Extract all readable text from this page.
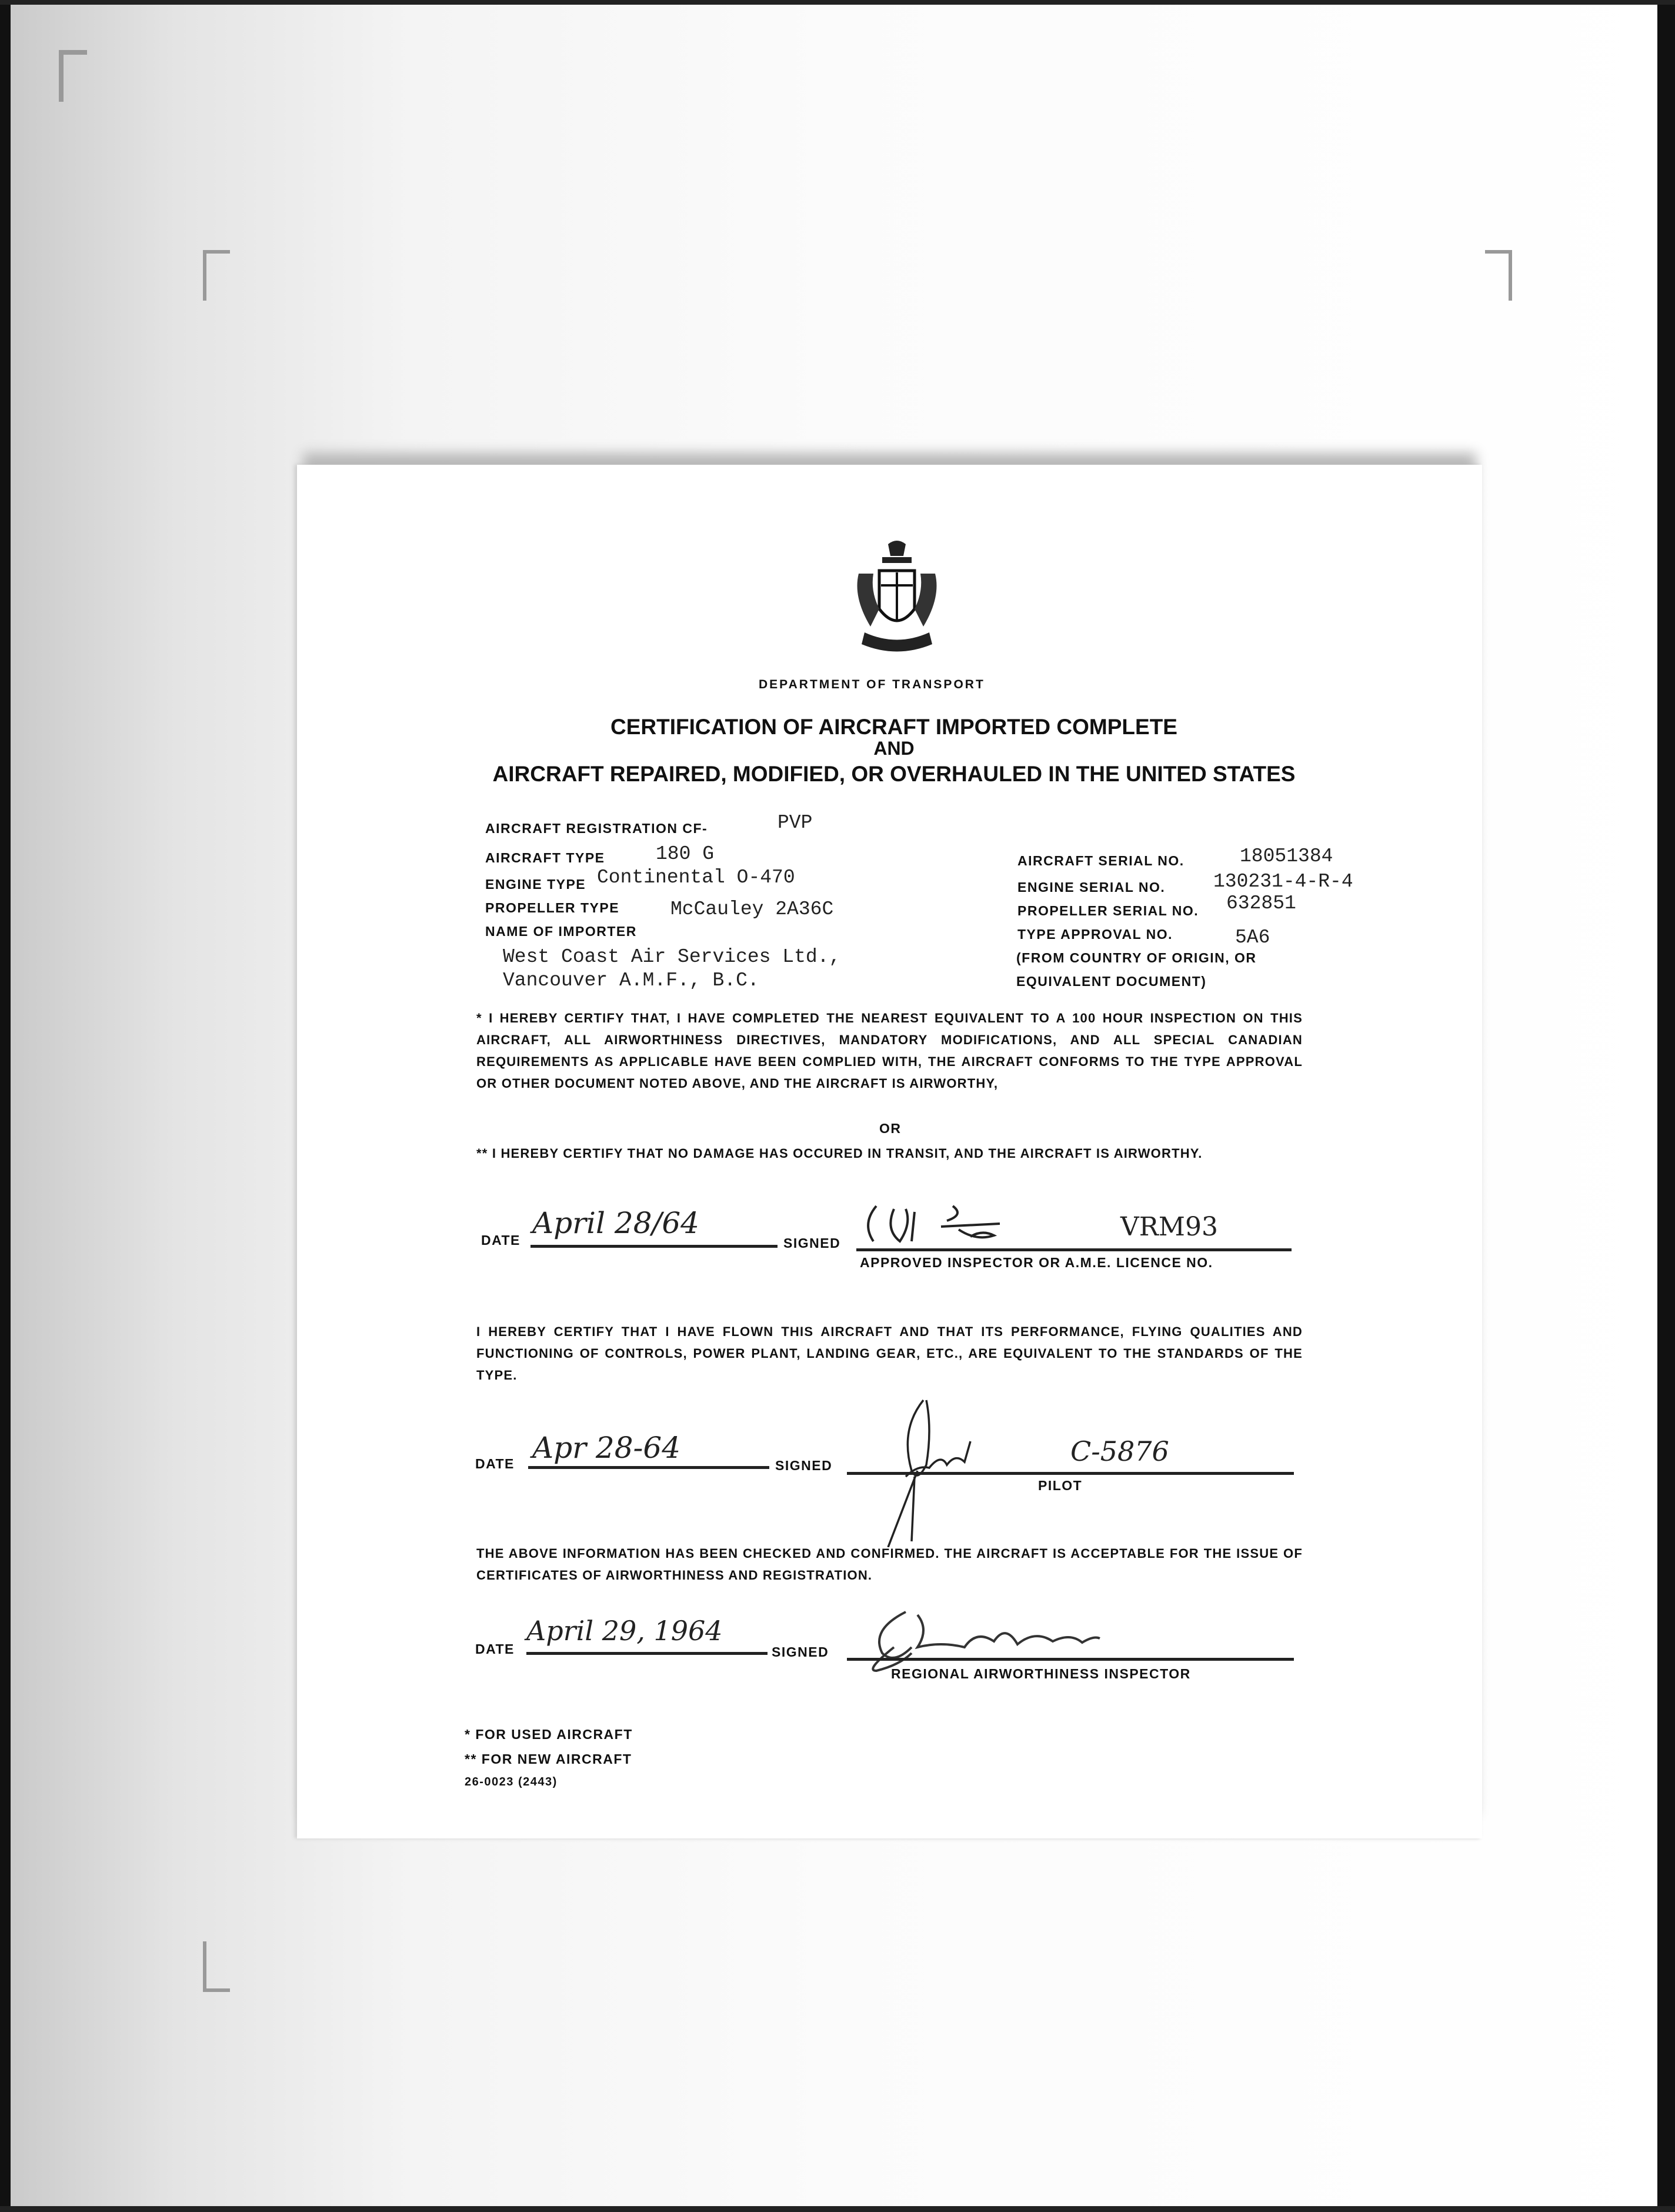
DEPARTMENT OF TRANSPORT
CERTIFICATION OF AIRCRAFT IMPORTED COMPLETE
AND
AIRCRAFT REPAIRED, MODIFIED, OR OVERHAULED IN THE UNITED STATES
AIRCRAFT REGISTRATION CF-	PVP
AIRCRAFT TYPE	180 G
ENGINE TYPE Continental O-470
PROPELLER TYPE	McCauley 2A36C
NAME OF IMPORTER
West Coast Air Services Ltd.,
Vancouver A.M.F., B.C.
AIRCRAFT SERIAL NO.	18051384
ENGINE SERIAL NO. 130231-4-R-4
PROPELLER SERIAL NO. 632851
TYPE APPROVAL NO.	5A6
(FROM COUNTRY OF ORIGIN, OR
EQUIVALENT DOCUMENT)
* I HEREBY CERTIFY THAT, I HAVE COMPLETED THE NEAREST EQUIVALENT TO A 100 HOUR INSPECTION ON THIS AIRCRAFT, ALL AIRWORTHINESS DIRECTIVES, MANDATORY MODIFICATIONS, AND ALL SPECIAL CANADIAN REQUIREMENTS AS APPLICABLE HAVE BEEN COMPLIED WITH, THE AIRCRAFT CONFORMS TO THE TYPE APPROVAL OR OTHER DOCUMENT NOTED ABOVE, AND THE AIRCRAFT IS AIRWORTHY,
OR
** I HEREBY CERTIFY THAT NO DAMAGE HAS OCCURED IN TRANSIT, AND THE AIRCRAFT IS AIRWORTHY.
DATE April 28/64
SIGNED
VRM93
APPROVED INSPECTOR OR A.M.E. LICENCE NO.
I HEREBY CERTIFY THAT I HAVE FLOWN THIS AIRCRAFT AND THAT ITS PERFORMANCE, FLYING QUALITIES AND FUNCTIONING OF CONTROLS, POWER PLANT, LANDING GEAR, ETC., ARE EQUIVALENT TO THE STANDARDS OF THE TYPE.
DATE Apr 28-64
SIGNED	C-5876
PILOT
THE ABOVE INFORMATION HAS BEEN CHECKED AND CONFIRMED. THE AIRCRAFT IS ACCEPTABLE FOR THE ISSUE OF CERTIFICATES OF AIRWORTHINESS AND REGISTRATION.
DATE
April 29, 1964
SIGNED
REGIONAL AIRWORTHINESS INSPECTOR
* FOR USED AIRCRAFT
** FOR NEW AIRCRAFT
26-0023 (2443)
